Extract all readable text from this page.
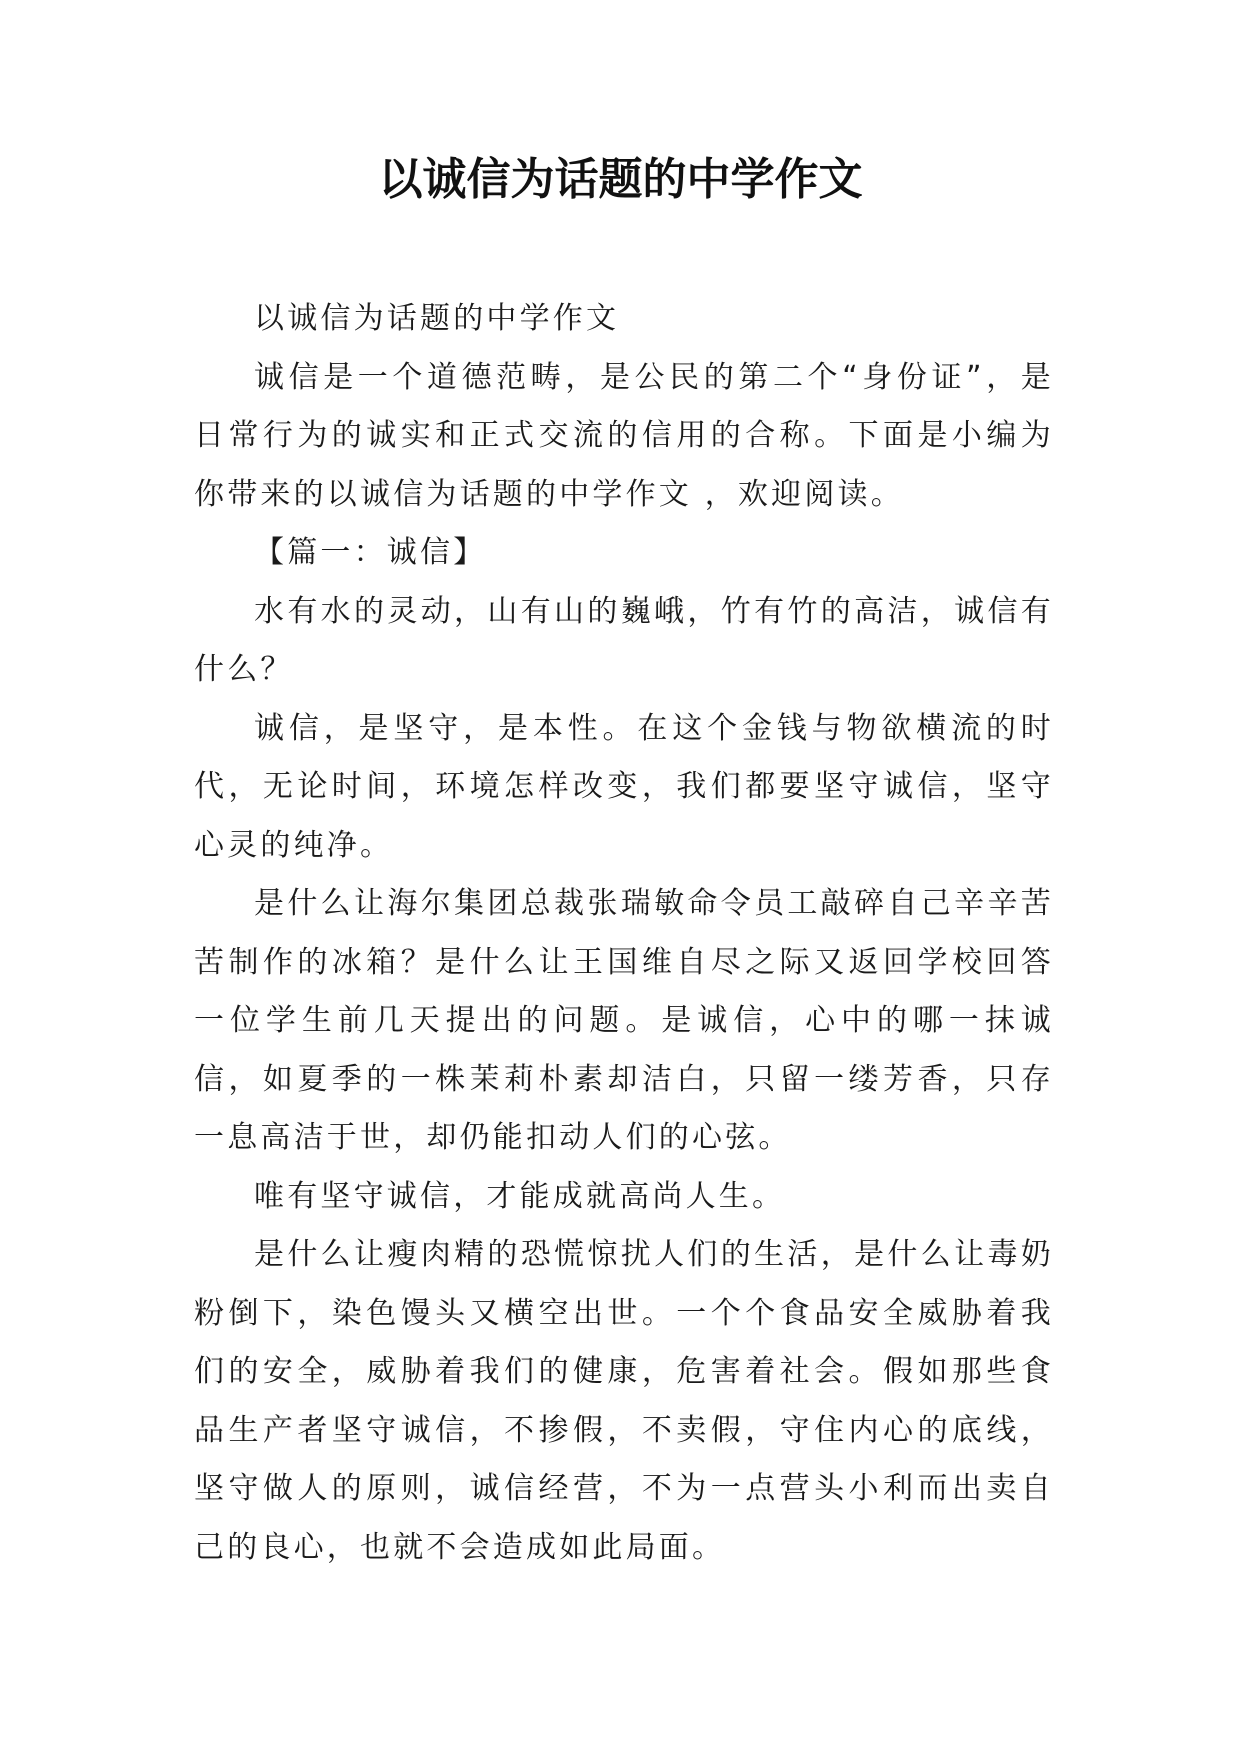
以诚信为话题的中学作文

以诚信为话题的中学作文

诚信是一个道德范畴，是公民的第二个“身份证”，是日常行为的诚实和正式交流的信用的合称。下面是小编为你带来的以诚信为话题的中学作文 ，欢迎阅读。

【篇一：诚信】

水有水的灵动，山有山的巍峨，竹有竹的高洁，诚信有什么？

诚信，是坚守，是本性。在这个金钱与物欲横流的时代，无论时间，环境怎样改变，我们都要坚守诚信，坚守心灵的纯净。

是什么让海尔集团总裁张瑞敏命令员工敲碎自己辛辛苦苦制作的冰箱？是什么让王国维自尽之际又返回学校回答一位学生前几天提出的问题。是诚信，心中的哪一抹诚信，如夏季的一株茉莉朴素却洁白，只留一缕芳香，只存一息高洁于世，却仍能扣动人们的心弦。

唯有坚守诚信，才能成就高尚人生。

是什么让瘦肉精的恐慌惊扰人们的生活，是什么让毒奶粉倒下，染色馒头又横空出世。一个个食品安全威胁着我们的安全，威胁着我们的健康，危害着社会。假如那些食品生产者坚守诚信，不掺假，不卖假，守住内心的底线，坚守做人的原则，诚信经营，不为一点营头小利而出卖自己的良心，也就不会造成如此局面。
